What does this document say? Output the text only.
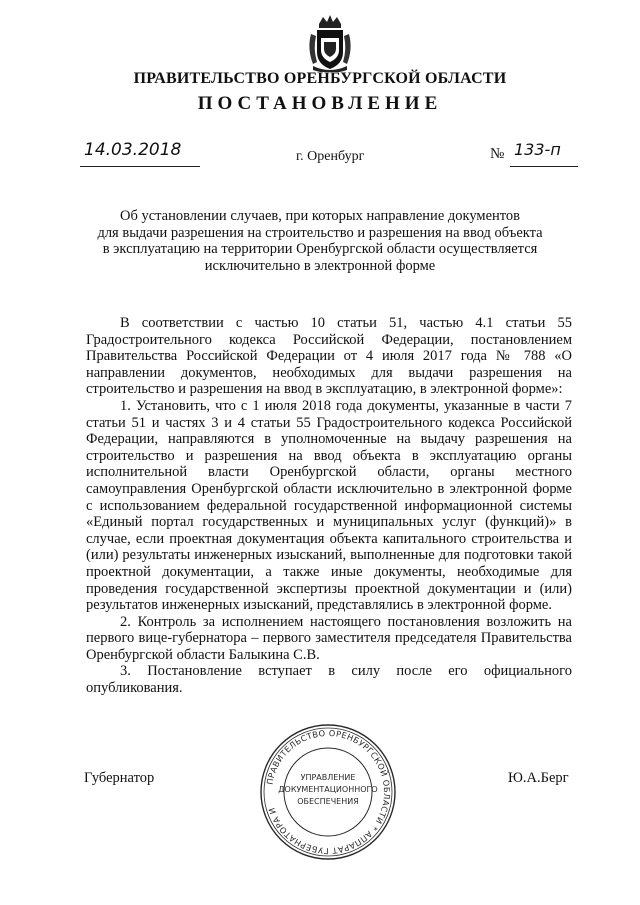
ПРАВИТЕЛЬСТВО ОРЕНБУРГСКОЙ ОБЛАСТИ
ПОСТАНОВЛЕНИЕ
14.03.2018	г. Оренбург	№ 133-п
Об установлении случаев, при которых направление документов
для выдачи разрешения на строительство и разрешения на ввод объекта
в эксплуатацию на территории Оренбургской области осуществляется
исключительно в электронной форме

В соответствии с частью 10 статьи 51, частью 4.1 статьи 55 Градостроительного кодекса Российской Федерации, постановлением Правительства Российской Федерации от 4 июля 2017 года № 788 «О направлении документов, необходимых для выдачи разрешения на строительство и разрешения на ввод в эксплуатацию, в электронной форме»:

1. Установить, что с 1 июля 2018 года документы, указанные в части 7 статьи 51 и частях 3 и 4 статьи 55 Градостроительного кодекса Российской Федерации, направляются в уполномоченные на выдачу разрешения на строительство и разрешения на ввод объекта в эксплуатацию органы исполнительной власти Оренбургской области, органы местного самоуправления Оренбургской области исключительно в электронной форме с использованием федеральной государственной информационной системы «Единый портал государственных и муниципальных услуг (функций)» в случае, если проектная документация объекта капитального строительства и (или) результаты инженерных изысканий, выполненные для подготовки такой проектной документации, а также иные документы, необходимые для проведения государственной экспертизы проектной документации и (или) результатов инженерных изысканий, представлялись в электронной форме.

2. Контроль за исполнением настоящего постановления возложить на первого вице-губернатора – первого заместителя председателя Правительства Оренбургской области Балыкина С.В.

3. Постановление вступает в силу после его официального опубликования.

Губернатор	Ю.А.Берг
ПРАВИТЕЛЬСТВО ОРЕНБУРГСКОЙ ОБЛАСТИ * АППАРАТ ГУБЕРНАТОРА И
УПРАВЛЕНИЕ
ДОКУМЕНТАЦИОННОГО
ОБЕСПЕЧЕНИЯ
